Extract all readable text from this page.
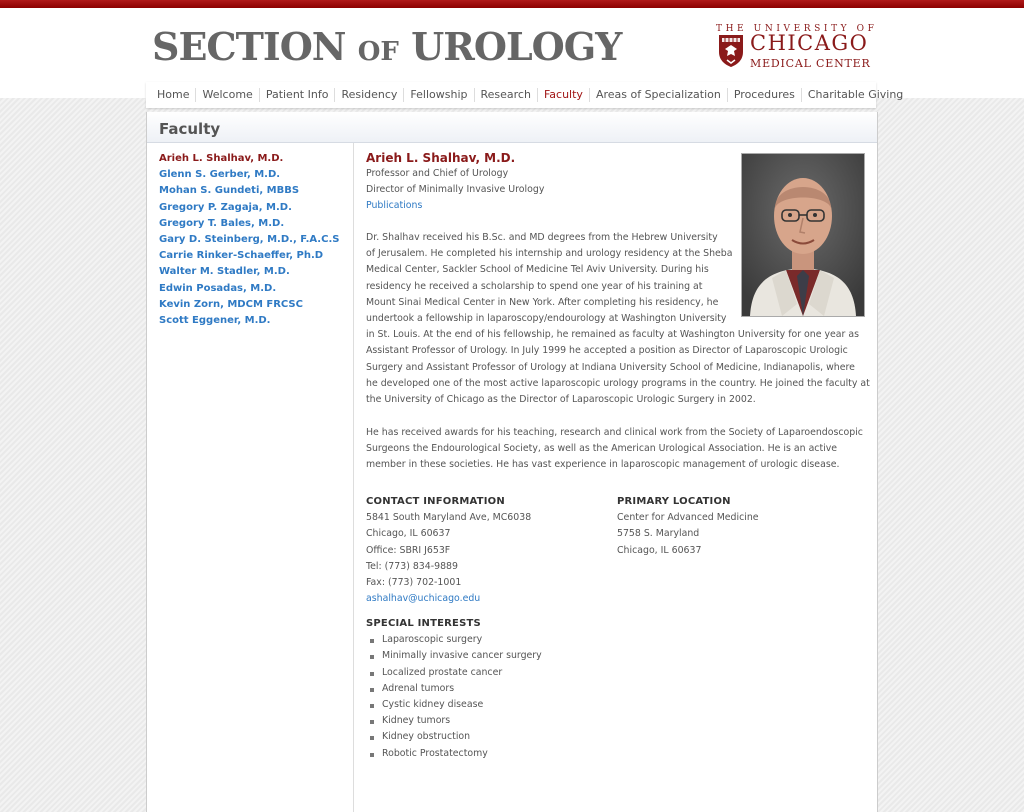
SECTION OF UROLOGY	THE UNIVERSITY OF
CHICAGO
MEDICAL CENTER
Home	Welcome	Patient Info	Residency	Fellowship	Research	Faculty	Areas of Specialization	Procedures	Charitable Giving
Faculty
Arieh L. Shalhav, M.D.
Glenn S. Gerber, M.D.
Mohan S. Gundeti, MBBS
Gregory P. Zagaja, M.D.
Gregory T. Bales, M.D.
Gary D. Steinberg, M.D., F.A.C.S
Carrie Rinker-Schaeffer, Ph.D
Walter M. Stadler, M.D.
Edwin Posadas, M.D.
Kevin Zorn, MDCM FRCSC
Scott Eggener, M.D.
Arieh L. Shalhav, M.D.
Professor and Chief of Urology
Director of Minimally Invasive Urology
Publications
Dr. Shalhav received his B.Sc. and MD degrees from the Hebrew University
of Jerusalem. He completed his internship and urology residency at the Sheba
Medical Center, Sackler School of Medicine Tel Aviv University. During his
residency he received a scholarship to spend one year of his training at
Mount Sinai Medical Center in New York. After completing his residency, he
undertook a fellowship in laparoscopy/endourology at Washington University
in St. Louis. At the end of his fellowship, he remained as faculty at Washington University for one year as
Assistant Professor of Urology. In July 1999 he accepted a position as Director of Laparoscopic Urologic
Surgery and Assistant Professor of Urology at Indiana University School of Medicine, Indianapolis, where
he developed one of the most active laparoscopic urology programs in the country. He joined the faculty at
the University of Chicago as the Director of Laparoscopic Urologic Surgery in 2002.
He has received awards for his teaching, research and clinical work from the Society of Laparoendoscopic
Surgeons the Endourological Society, as well as the American Urological Association. He is an active
member in these societies. He has vast experience in laparoscopic management of urologic disease.
CONTACT INFORMATION
5841 South Maryland Ave, MC6038
Chicago, IL 60637
Office: SBRI J653F
Tel: (773) 834-9889
Fax: (773) 702-1001
ashalhav@uchicago.edu
PRIMARY LOCATION
Center for Advanced Medicine
5758 S. Maryland
Chicago, IL 60637
SPECIAL INTERESTS
Laparoscopic surgery
Minimally invasive cancer surgery
Localized prostate cancer
Adrenal tumors
Cystic kidney disease
Kidney tumors
Kidney obstruction
Robotic Prostatectomy
